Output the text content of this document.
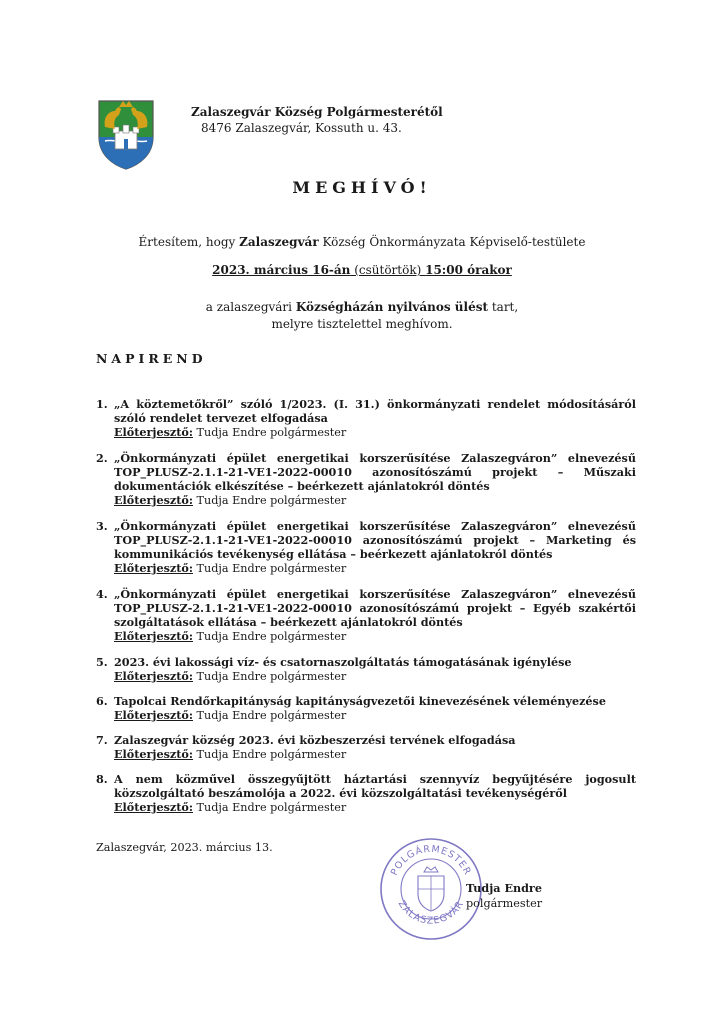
Zalaszegvár Község Polgármesterétől
8476 Zalaszegvár, Kossuth u. 43.
MEGHÍVÓ!
Értesítem, hogy Zalaszegvár Község Önkormányzata Képviselő-testülete
2023. március 16-án (csütörtök) 15:00 órakor
a zalaszegvári Községházán nyilvános ülést tart,
melyre tisztelettel meghívom.
NAPIREND
1. „A köztemetőkről” szóló 1/2023. (I. 31.) önkormányzati rendelet módosításáról szóló rendelet tervezet elfogadása
Előterjesztő: Tudja Endre polgármester
2. „Önkormányzati épület energetikai korszerűsítése Zalaszegváron” elnevezésű TOP_PLUSZ-2.1.1-21-VE1-2022-00010 azonosítószámú projekt – Műszaki dokumentációk elkészítése – beérkezett ajánlatokról döntés
Előterjesztő: Tudja Endre polgármester
3. „Önkormányzati épület energetikai korszerűsítése Zalaszegváron” elnevezésű TOP_PLUSZ-2.1.1-21-VE1-2022-00010 azonosítószámú projekt – Marketing és kommunikációs tevékenység ellátása – beérkezett ajánlatokról döntés
Előterjesztő: Tudja Endre polgármester
4. „Önkormányzati épület energetikai korszerűsítése Zalaszegváron” elnevezésű TOP_PLUSZ-2.1.1-21-VE1-2022-00010 azonosítószámú projekt – Egyéb szakértői szolgáltatások ellátása – beérkezett ajánlatokról döntés
Előterjesztő: Tudja Endre polgármester
5. 2023. évi lakossági víz- és csatornaszolgáltatás támogatásának igénylése
Előterjesztő: Tudja Endre polgármester
6. Tapolcai Rendőrkapitányság kapitányságvezetői kinevezésének véleményezése
Előterjesztő: Tudja Endre polgármester
7. Zalaszegvár község 2023. évi közbeszerzési tervének elfogadása
Előterjesztő: Tudja Endre polgármester
8. A nem közművel összegyűjtött háztartási szennyvíz begyűjtésére jogosult közszolgáltató beszámolója a 2022. évi közszolgáltatási tevékenységéről
Előterjesztő: Tudja Endre polgármester
Zalaszegvár, 2023. március 13.
POLGÁRMESTER
ZALASZEGVÁR
Tudja Endre
polgármester
